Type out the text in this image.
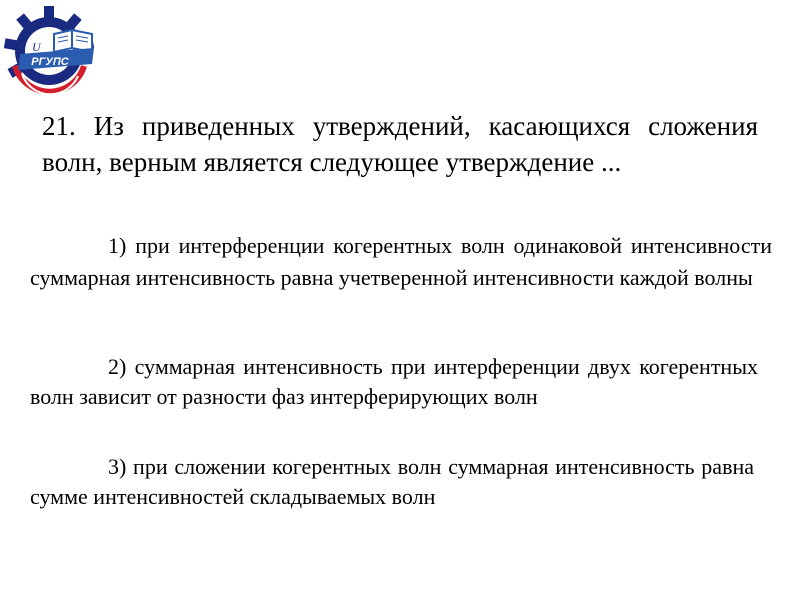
РГУПС
U

21. Из приведенных утверждений, касающихся сложения волн, верным является следующее утверждение ...

1) при интерференции когерентных волн одинаковой интенсивности суммарная интенсивность равна учетверенной интенсивности каждой волны

2) суммарная интенсивность при интерференции двух когерентных волн зависит от разности фаз интерферирующих волн

3) при сложении когерентных волн суммарная интенсивность равна сумме интенсивностей складываемых волн
